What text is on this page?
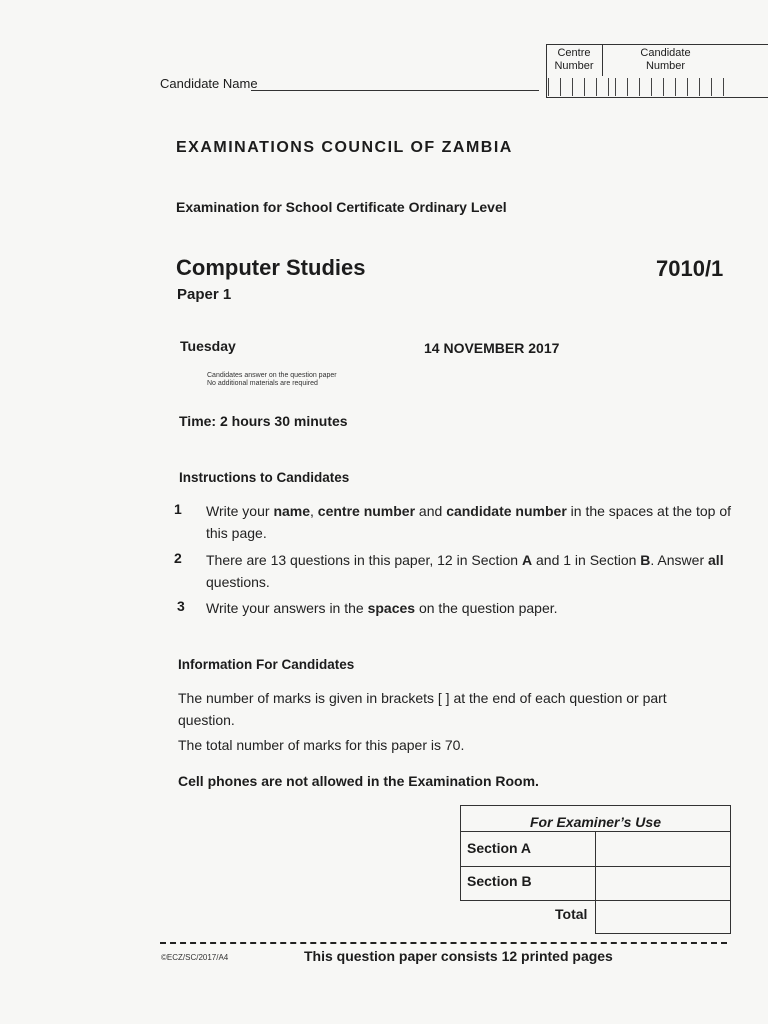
Candidate Name
Centre
Number
Candidate
Number
EXAMINATIONS COUNCIL OF ZAMBIA
Examination for School Certificate Ordinary Level
Computer Studies	7010/1
Paper 1
Tuesday	14 NOVEMBER 2017
Candidates answer on the question paper
No additional materials are required
Time: 2 hours 30 minutes
Instructions to Candidates
1 Write your name, centre number and candidate number in the spaces at the top of this page.
2 There are 13 questions in this paper, 12 in Section A and 1 in Section B. Answer all questions.
3 Write your answers in the spaces on the question paper.
Information For Candidates
The number of marks is given in brackets [ ] at the end of each question or part question.
The total number of marks for this paper is 70.
Cell phones are not allowed in the Examination Room.
For Examiner’s Use
Section A
Section B
Total
©ECZ/SC/2017/A4	This question paper consists 12 printed pages
